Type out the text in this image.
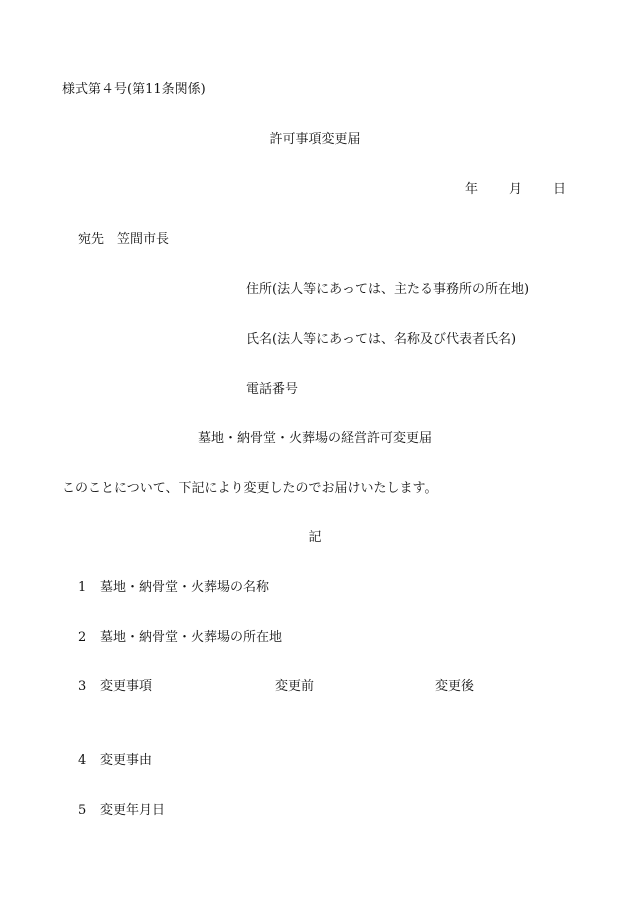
様式第４号(第11条関係)
許可事項変更届
年 月 日
宛先　笠間市長
住所(法人等にあっては、主たる事務所の所在地)
氏名(法人等にあっては、名称及び代表者氏名)
電話番号
墓地・納骨堂・火葬場の経営許可変更届
このことについて、下記により変更したのでお届けいたします。
記
1 墓地・納骨堂・火葬場の名称
2 墓地・納骨堂・火葬場の所在地
3 変更事項	変更前	変更後
4 変更事由
5 変更年月日
